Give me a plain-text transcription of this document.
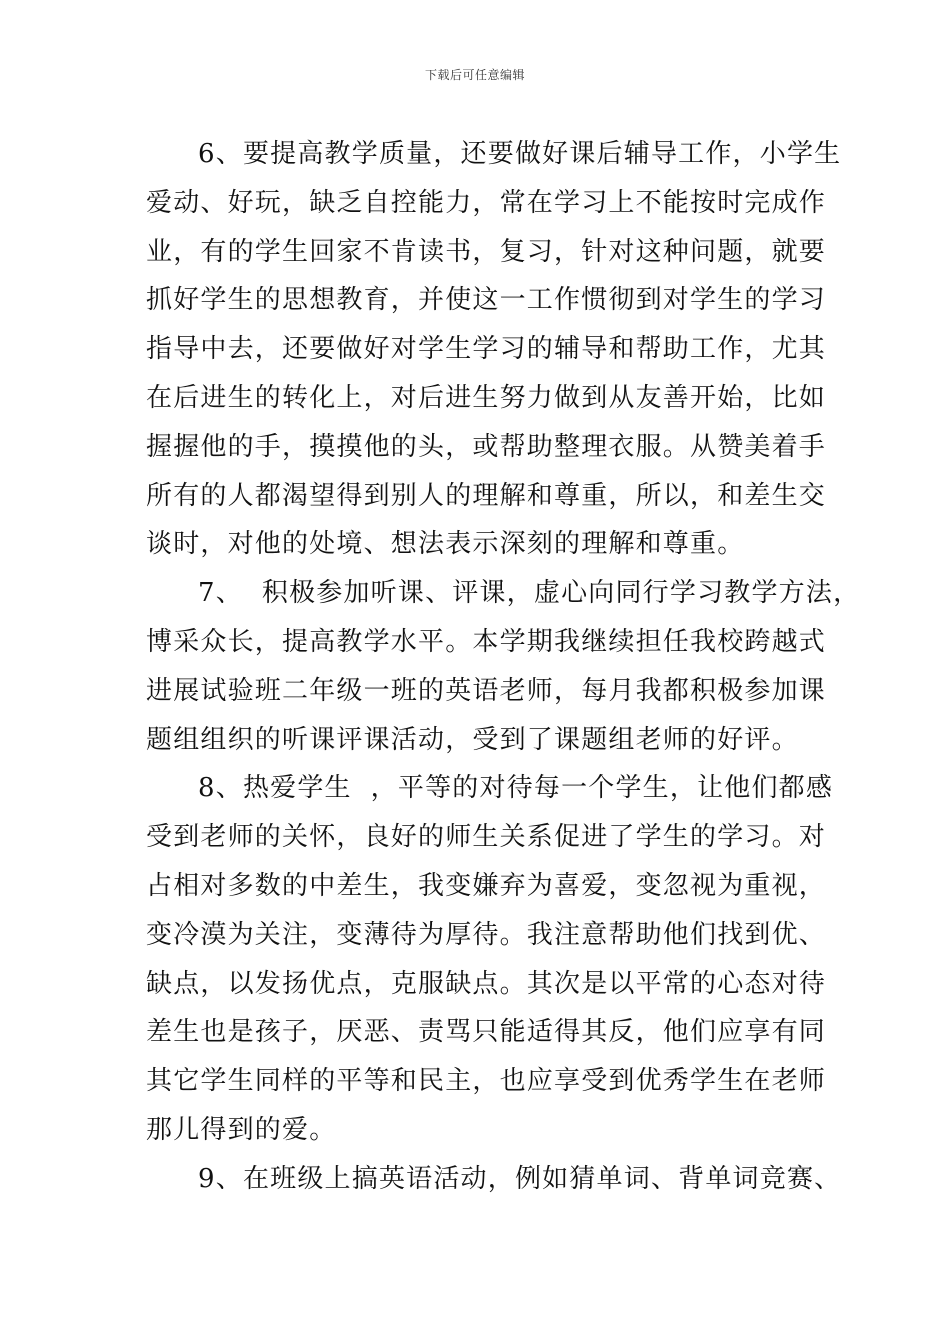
下载后可任意编辑

6、要提高教学质量，还要做好课后辅导工作，小学生
爱动、好玩，缺乏自控能力，常在学习上不能按时完成作
业，有的学生回家不肯读书，复习，针对这种问题，就要
抓好学生的思想教育，并使这一工作惯彻到对学生的学习
指导中去，还要做好对学生学习的辅导和帮助工作，尤其
在后进生的转化上，对后进生努力做到从友善开始，比如
握握他的手，摸摸他的头，或帮助整理衣服。从赞美着手
所有的人都渴望得到别人的理解和尊重，所以，和差生交
谈时，对他的处境、想法表示深刻的理解和尊重。

7、  积极参加听课、评课，虚心向同行学习教学方法，
博采众长，提高教学水平。本学期我继续担任我校跨越式
进展试验班二年级一班的英语老师，每月我都积极参加课
题组组织的听课评课活动，受到了课题组老师的好评。

8、热爱学生  ，平等的对待每一个学生，让他们都感
受到老师的关怀，良好的师生关系促进了学生的学习。对
占相对多数的中差生，我变嫌弃为喜爱，变忽视为重视，
变冷漠为关注，变薄待为厚待。我注意帮助他们找到优、
缺点，以发扬优点，克服缺点。其次是以平常的心态对待
差生也是孩子，厌恶、责骂只能适得其反，他们应享有同
其它学生同样的平等和民主，也应享受到优秀学生在老师
那儿得到的爱。

9、在班级上搞英语活动，例如猜单词、背单词竞赛、
